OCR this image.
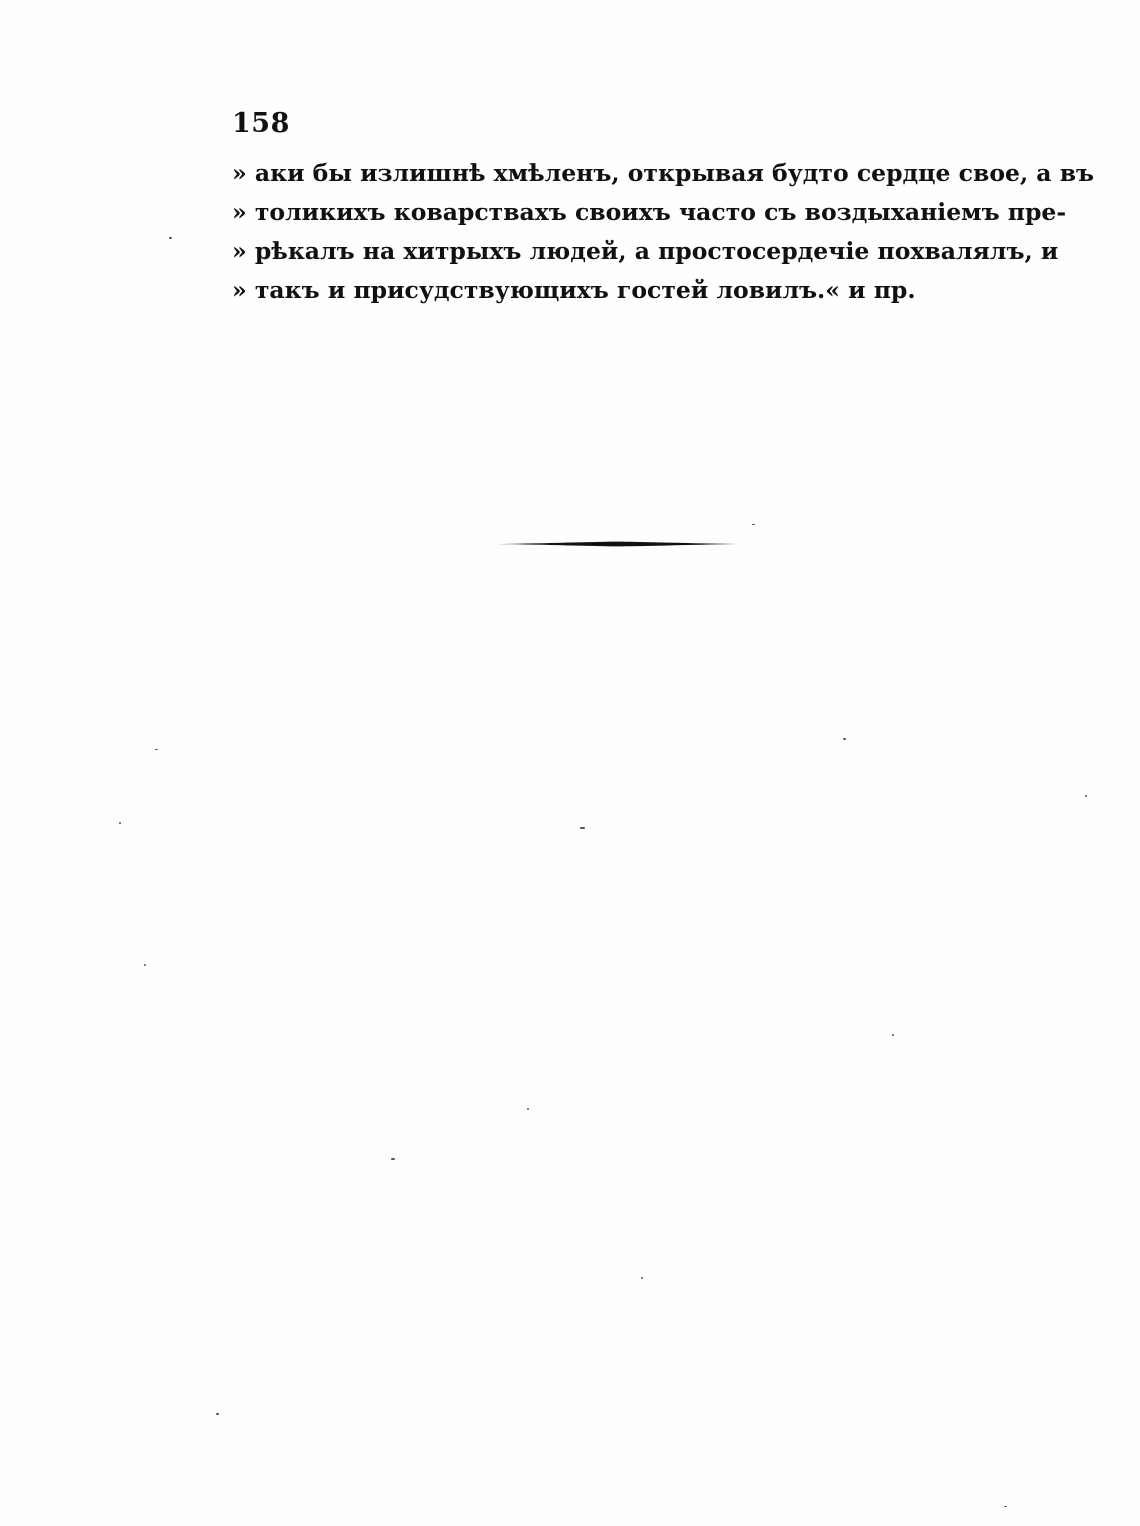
158
» аки бы излишнѣ хмѣленъ, открывая будто сердце свое, а въ
» толикихъ коварствахъ своихъ часто съ воздыханіемъ пре-
» рѣкалъ на хитрыхъ людей, а простосердечіе похвалялъ, и
» такъ и присудствующихъ гостей ловилъ.« и пр.
